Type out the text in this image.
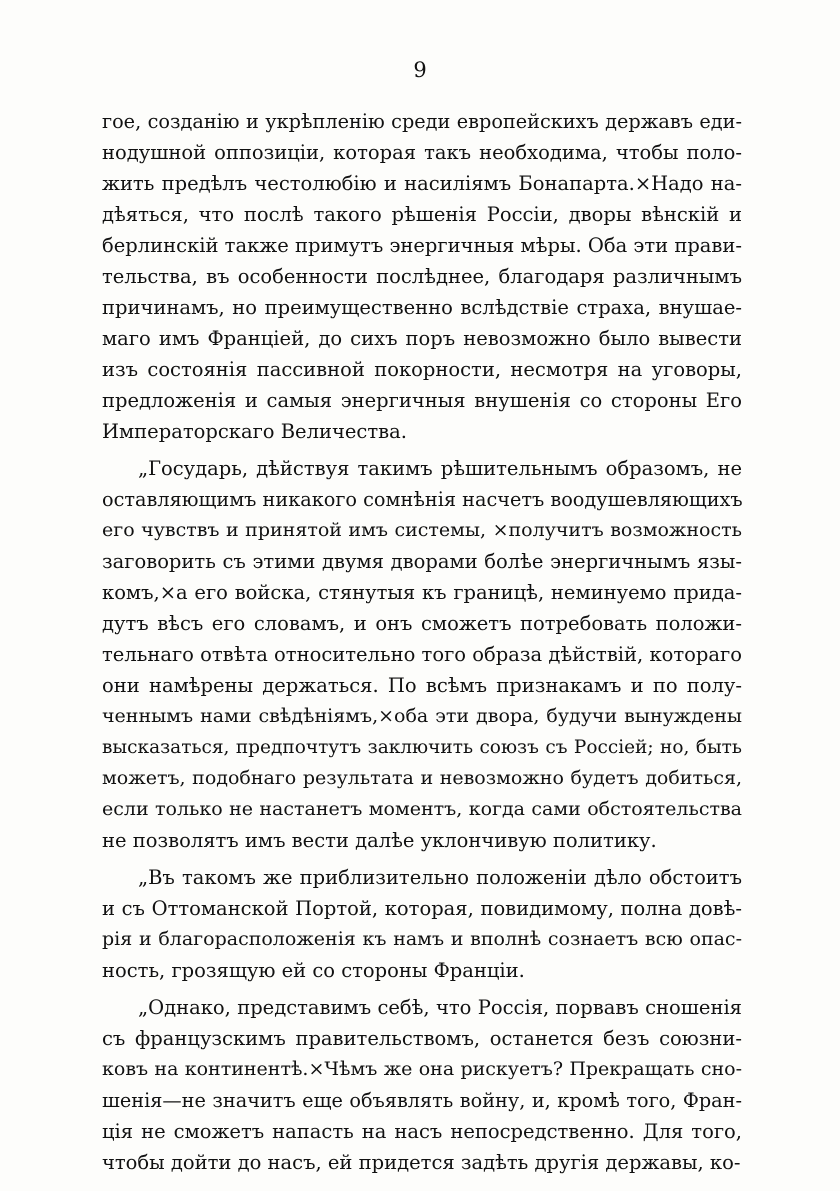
9
гое, созданію и укрѣпленію среди европейскихъ державъ еди-
нодушной оппозиціи, которая такъ необходима, чтобы поло-
жить предѣлъ честолюбію и насиліямъ Бонапарта.×Надо на-
дѣяться, что послѣ такого рѣшенія Россіи, дворы вѣнскій и
берлинскій также примутъ энергичныя мѣры. Оба эти прави-
тельства, въ особенности послѣднее, благодаря различнымъ
причинамъ, но преимущественно вслѣдствіе страха, внушае-
маго имъ Франціей, до сихъ поръ невозможно было вывести
изъ состоянія пассивной покорности, несмотря на уговоры,
предложенія и самыя энергичныя внушенія со стороны Его
Императорскаго Величества.
„Государь, дѣйствуя такимъ рѣшительнымъ образомъ, не
оставляющимъ никакого сомнѣнія насчетъ воодушевляющихъ
его чувствъ и принятой имъ системы, ×получитъ возможность
заговорить съ этими двумя дворами болѣе энергичнымъ язы-
комъ,×а его войска, стянутыя къ границѣ, неминуемо прида-
дутъ вѣсъ его словамъ, и онъ сможетъ потребовать положи-
тельнаго отвѣта относительно того образа дѣйствій, котораго
они намѣрены держаться. По всѣмъ признакамъ и по полу-
ченнымъ нами свѣдѣніямъ,×оба эти двора, будучи вынуждены
высказаться, предпочтутъ заключить союзъ съ Россіей; но, быть
можетъ, подобнаго результата и невозможно будетъ добиться,
если только не настанетъ моментъ, когда сами обстоятельства
не позволятъ имъ вести далѣе уклончивую политику.
„Въ такомъ же приблизительно положеніи дѣло обстоитъ
и съ Оттоманской Портой, которая, повидимому, полна довѣ-
рія и благорасположенія къ намъ и вполнѣ сознаетъ всю опас-
ность, грозящую ей со стороны Франціи.
„Однако, представимъ себѣ, что Россія, порвавъ сношенія
съ французскимъ правительствомъ, останется безъ союзни-
ковъ на континентѣ.×Чѣмъ же она рискуетъ? Прекращать сно-
шенія—не значитъ еще объявлять войну, и, кромѣ того, Фран-
ція не сможетъ напасть на насъ непосредственно. Для того,
чтобы дойти до насъ, ей придется задѣть другія державы, ко-
